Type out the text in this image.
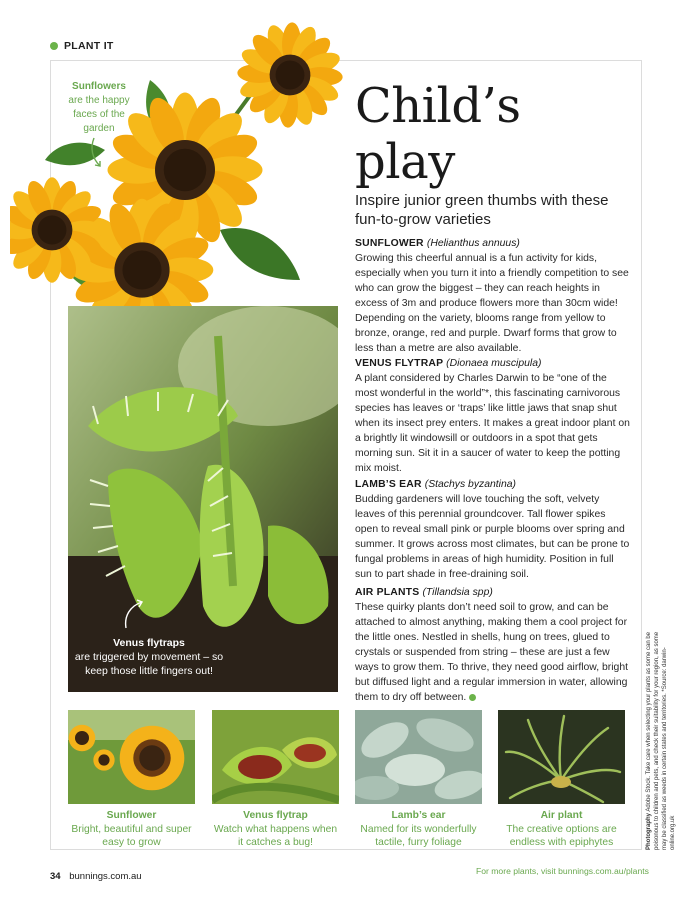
PLANT IT
Sunflowers
are the happy faces of the garden
Venus flytraps
are triggered by movement – so keep those little fingers out!
Child’s
play
Inspire junior green thumbs with these fun-to-grow varieties
SUNFLOWER (Helianthus annuus)

Growing this cheerful annual is a fun activity for kids, especially when you turn it into a friendly competition to see who can grow the biggest – they can reach heights in excess of 3m and produce flowers more than 30cm wide! Depending on the variety, blooms range from yellow to bronze, orange, red and purple. Dwarf forms that grow to less than a metre are also available.

VENUS FLYTRAP (Dionaea muscipula)

A plant considered by Charles Darwin to be “one of the most wonderful in the world”*, this fascinating carnivorous species has leaves or ‘traps’ like little jaws that snap shut when its insect prey enters. It makes a great indoor plant on a brightly lit windowsill or outdoors in a spot that gets morning sun. Sit it in a saucer of water to keep the potting mix moist.

LAMB’S EAR (Stachys byzantina)

Budding gardeners will love touching the soft, velvety leaves of this perennial groundcover. Tall flower spikes open to reveal small pink or purple blooms over spring and summer. It grows across most climates, but can be prone to fungal problems in areas of high humidity. Position in full sun to part shade in free-draining soil.

AIR PLANTS (Tillandsia spp)

These quirky plants don’t need soil to grow, and can be attached to almost anything, making them a cool project for the little ones. Nestled in shells, hung on trees, glued to crystals or suspended from string – these are just a few ways to grow them. To thrive, they need good airflow, bright but diffused light and a regular immersion in water, allowing them to dry off between.

Sunflower
Bright, beautiful and super easy to grow
Venus flytrap
Watch what happens when it catches a bug!
Lamb’s ear
Named for its wonderfully tactile, furry foliage
Air plant
The creative options are endless with epiphytes
34 bunnings.com.au	For more plants, visit bunnings.com.au/plants
Photography Adobe Stock. Take care when selecting your plants as some can be poisonous to children and pets, and check their suitability for your region, as some may be classified as weeds in certain states and territories. *Source: darwin-online.org.uk
